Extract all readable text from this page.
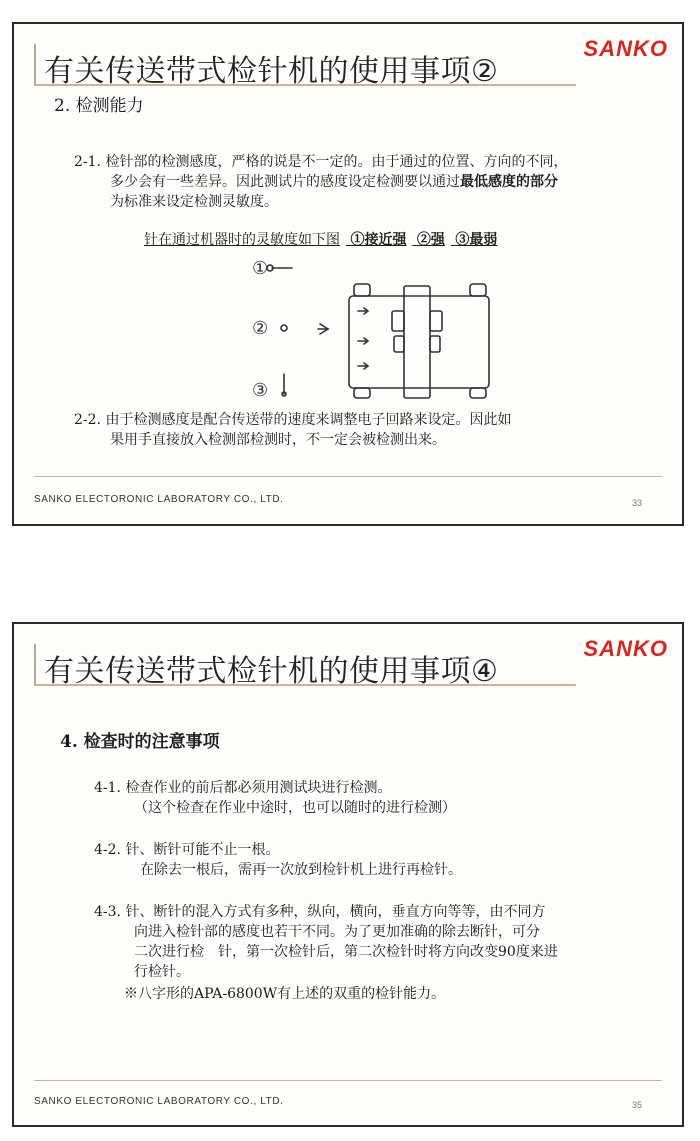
有关传送带式检针机的使用事项②
SANKO
2. 检测能力
2-1. 检针部的检测感度，严格的说是不一定的。由于通过的位置、方向的不同，
多少会有一些差异。因此测试片的感度设定检测要以通过最低感度的部分
为标准来设定检测灵敏度。
针在通过机器时的灵敏度如下图 ①接近强 ②强 ③最弱
①
②
③
2-2. 由于检测感度是配合传送带的速度来调整电子回路来设定。因此如
果用手直接放入检测部检测时，不一定会被检测出来。
SANKO ELECTORONIC LABORATORY CO., LTD.	33
有关传送带式检针机的使用事项④
SANKO
4. 检查时的注意事项
4-1. 检查作业的前后都必须用测试块进行检测。
（这个检查在作业中途时，也可以随时的进行检测）
4-2. 针、断针可能不止一根。
在除去一根后，需再一次放到检针机上进行再检针。
4-3. 针、断针的混入方式有多种，纵向，横向，垂直方向等等，由不同方
向进入检针部的感度也若干不同。为了更加准确的除去断针，可分
二次进行检　针，第一次检针后，第二次检针时将方向改变90度来进
行检针。
※八字形的APA-6800W有上述的双重的检针能力。
SANKO ELECTORONIC LABORATORY CO., LTD.	35
